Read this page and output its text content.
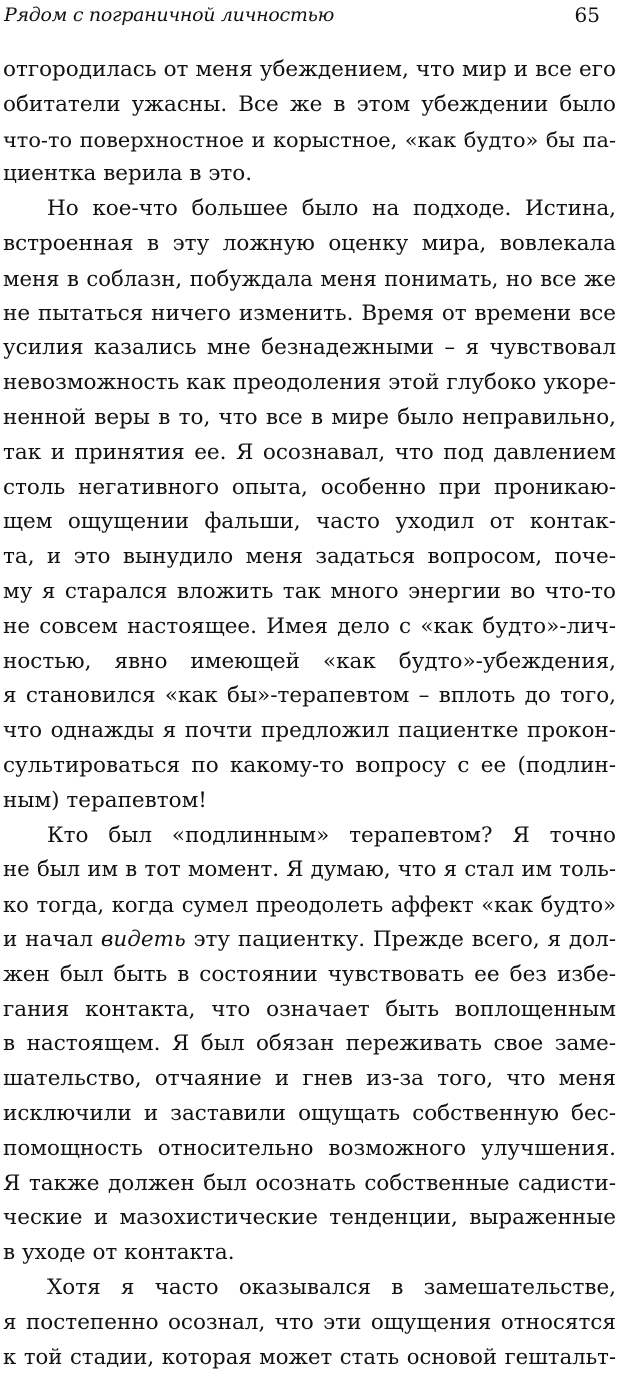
Рядом с пограничной личностью	65
отгородилась от меня убеждением, что мир и все его
обитатели ужасны. Все же в этом убеждении было
что-то поверхностное и корыстное, «как будто» бы па-
циентка верила в это.
Но кое-что большее было на подходе. Истина,
встроенная в эту ложную оценку мира, вовлекала
меня в соблазн, побуждала меня понимать, но все же
не пытаться ничего изменить. Время от времени все
усилия казались мне безнадежными – я чувствовал
невозможность как преодоления этой глубоко укоре-
ненной веры в то, что все в мире было неправильно,
так и принятия ее. Я осознавал, что под давлением
столь негативного опыта, особенно при проникаю-
щем ощущении фальши, часто уходил от контак-
та, и это вынудило меня задаться вопросом, поче-
му я старался вложить так много энергии во что-то
не совсем настоящее. Имея дело с «как будто»-лич-
ностью, явно имеющей «как будто»-убеждения,
я становился «как бы»-терапевтом – вплоть до того,
что однажды я почти предложил пациентке прокон-
сультироваться по какому-то вопросу с ее (подлин-
ным) терапевтом!
Кто был «подлинным» терапевтом? Я точно
не был им в тот момент. Я думаю, что я стал им толь-
ко тогда, когда сумел преодолеть аффект «как будто»
и начал видеть эту пациентку. Прежде всего, я дол-
жен был быть в состоянии чувствовать ее без избе-
гания контакта, что означает быть воплощенным
в настоящем. Я был обязан переживать свое заме-
шательство, отчаяние и гнев из-за того, что меня
исключили и заставили ощущать собственную бес-
помощность относительно возможного улучшения.
Я также должен был осознать собственные садисти-
ческие и мазохистические тенденции, выраженные
в уходе от контакта.
Хотя я часто оказывался в замешательстве,
я постепенно осознал, что эти ощущения относятся
к той стадии, которая может стать основой гештальт-
